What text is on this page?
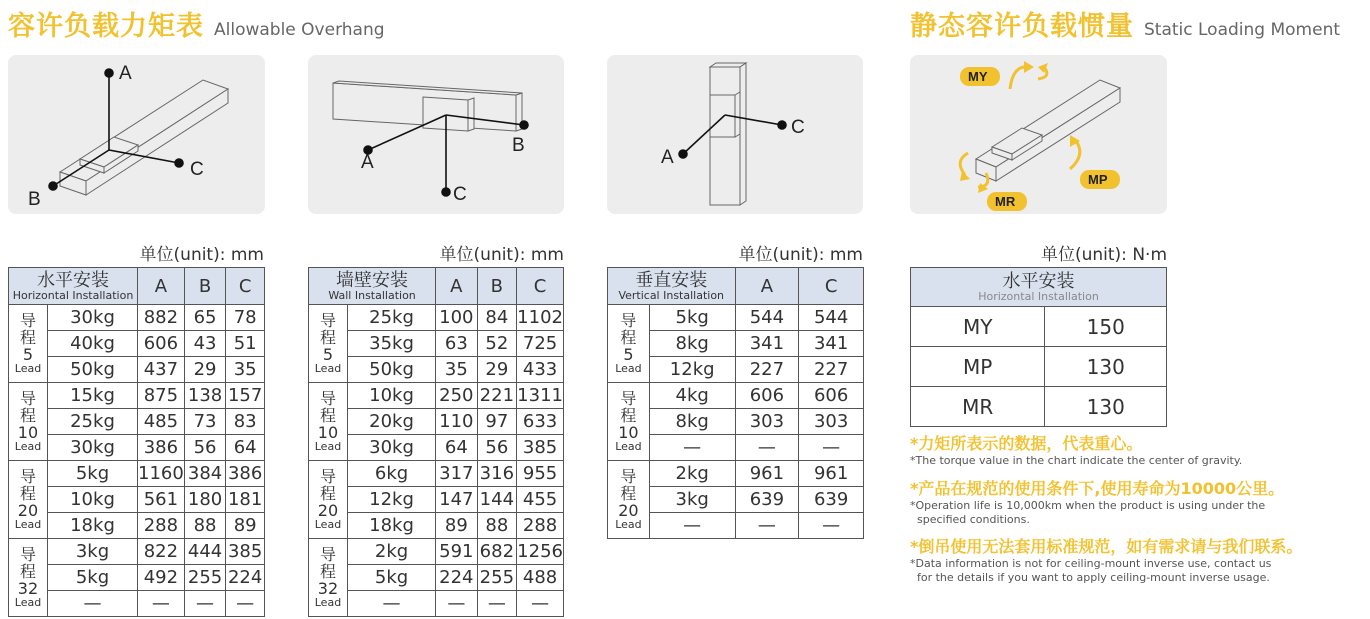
容许负载力矩表 Allowable Overhang	静态容许负载惯量 Static Loading Moment
A
C
B
A
C
B
A
C
MY
MP
MR
单位(unit): mm	单位(unit): mm	单位(unit): mm	单位(unit): N·m
水平安装
Horizontal Installation		A	B	C

导
程
5
Lead	30kg	882	65	78
	40kg	606	43	51
	50kg	437	29	35

导
程
10
Lead	15kg	875	138	157
	25kg	485	73	83
	30kg	386	56	64

导
程
20
Lead	5kg	1160	384	386
	10kg	561	180	181
	18kg	288	88	89

导
程
32
Lead	3kg	822	444	385
	5kg	492	255	224
	—	—	—	—
墙壁安装
Wall Installation		A	B	C

导
程
5
Lead	25kg	100	84	1102
	35kg	63	52	725
	50kg	35	29	433

导
程
10
Lead	10kg	250	221	1311
	20kg	110	97	633
	30kg	64	56	385

导
程
20
Lead	6kg	317	316	955
	12kg	147	144	455
	18kg	89	88	288

导
程
32
Lead	2kg	591	682	1256
	5kg	224	255	488
	—	—	—	—
垂直安装
Vertical Installation		A	C

导
程
5
Lead	5kg	544	544
	8kg	341	341
	12kg	227	227

导
程
10
Lead	4kg	606	606
	8kg	303	303
	—	—	—

导
程
20
Lead	2kg	961	961
	3kg	639	639
	—	—	—
水平安装
Horizontal Installation	

MY	150
MP	130
MR	130
*力矩所表示的数据，代表重心。
*The torque value in the chart indicate the center of gravity.
*产品在规范的使用条件下,使用寿命为10000公里。
*Operation life is 10,000km when the product is using under the
specified conditions.
*倒吊使用无法套用标准规范，如有需求请与我们联系。
*Data information is not for ceiling-mount inverse use, contact us
for the details if you want to apply ceiling-mount inverse usage.
